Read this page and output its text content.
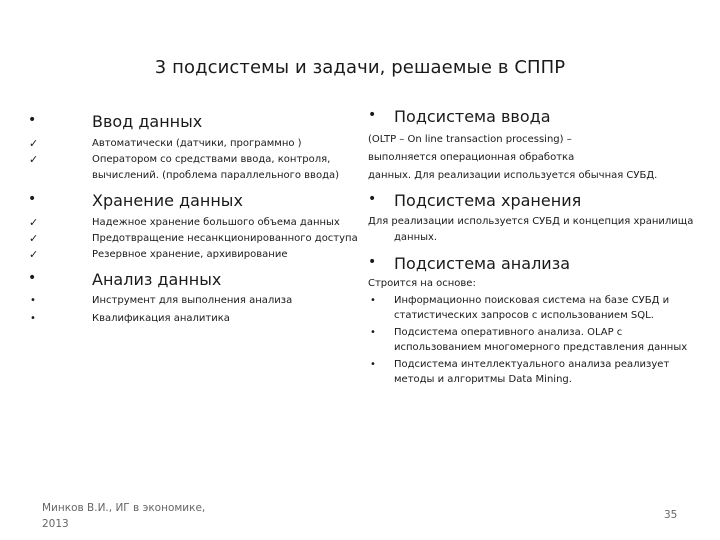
3 подсистемы и задачи, решаемые в СППР
•	Ввод данных
✓	Автоматически (датчики, программно )
✓	Оператором со средствами ввода, контроля,
вычислений. (проблема параллельного ввода)
•	Хранение данных
✓	Надежное хранение большого объема данных
✓	Предотвращение несанкционированного доступа
✓	Резервное хранение, архивирование
•	Анализ данных
•	Инструмент для выполнения анализа
•	Квалификация аналитика
• Подсистема ввода
(OLTP – On line transaction processing) –
выполняется операционная обработка
данных. Для реализации используется обычная СУБД.
• Подсистема хранения
Для реализации используется СУБД и концепция хранилища
данных.
• Подсистема анализа
Строится на основе:
• Информационно поисковая система на базе СУБД и
статистических запросов с использованием SQL.
• Подсистема оперативного анализа. OLAP с
использованием многомерного представления данных
• Подсистема интеллектуального анализа реализует
методы и алгоритмы Data Mining.
Минков В.И., ИГ в экономике,
2013
35
